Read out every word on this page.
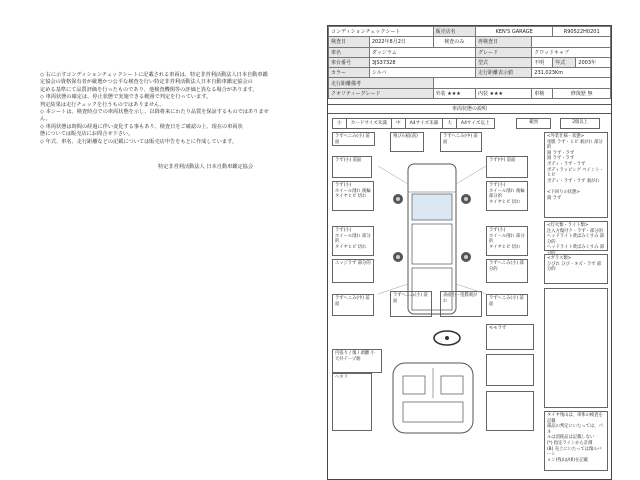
◇ 右に示すコンディションチェックシートに記載される車両は、特定非営利活動法人日本自動車鑑
定協会の資格保有者が厳選かつ公平な検査を行い特定非営利活動法人日本自動車鑑定協会の
定める基準にて品質評価を行ったものであり、他検査機関等の評価と異なる場合があります。
◇ 車両状態の確定は、停止状態で実施できる範囲で判定を行っています。
判定結果は走行チェックを行うものではありません。
◇ 本シートは、検査時点での車両状態を示し、以降将来にわたり品質を保証するものではありませ
ん。
◇ 車両状態は時間の経過に伴い変化する事もあり、検査日をご確認の上、現在の車両状
態については販売店にお問合せ下さい。
◇ 年式、車名、走行距離などの記載については販売店申告をもとに作成しています。
特定非営利活動法人 日本自動車鑑定協会
コンディションチェックシート		販売店名	KEN'S GARAGE		R90522H0201	
検査日	2022年8月2日	検査のみ	再検査日			
車名	ダッジラム		グレード	クワッドキャブ		
車台番号	3JS37328		型式	不明	年式	2003年
カラー	シルバ		走行距離表示値	231,023Km		
走行距離備考						
クオリティーグレード		外装 ★★★	内装 ★★★	車検	修復歴 無	
車両状態の説明
小	カードサイズ未満	中	A4サイズ未満	大	A4サイズ以上	範囲	2個以上
ラずへこみ(小) 前面
飛び石痕(前)	ラずへこみ(中) 前面
ラず(小) 前面	ラず(中) 前面
ラず(小)
ホイール削れ 後輪
タイヤヒビ 切れ
ラず(小)
ホイール削れ 後輪 部分的
タイヤヒビ 切れ
ラず(小)
ホイール削れ 部分的
タイヤヒビ 切れ
ラず(小)
ホイール削れ 部分的
タイヤヒビ 切れ
エッジラず 部分的	ラずへこみ(小) 部分的
ラずへこみ(中) 前面
ラずへこみ(小) 前面
表面小・塗膜剥がれ
ラずへこみ(小) 前面
モモラず
内張り / 傷 / 剥離 小
天井テープ跡
ヘタリ
<外装仕様・状態>
塗膜 ラず・ヒビ 剥がれ 部分的
錆 ラず・ラず
錆 ラず・ラず
ボディ・ラず・ラず
ボディラッピング ペイント・ヒビ
ボディ・ラず・ラず 剥がれ

<下回りの状態>
錆 ラず
<灯火類・ライト類>
注入方傷付ク・ラず・部分的
ヘッドライト黄ばみくすみ 部分的
ヘッドライト黄ばみくすみ 部
<ガラス類>
ひびれ ひび・キズ・ラず 部分的
タイヤ残山は、車体の検査を記載
部品の判定にいたっては、パネ
ルは消耗品は記載しない
(*) 指定ラインから計測
(B) 売上にいたっては傷ルバーシ
ョン(残山)/(6)を記載
